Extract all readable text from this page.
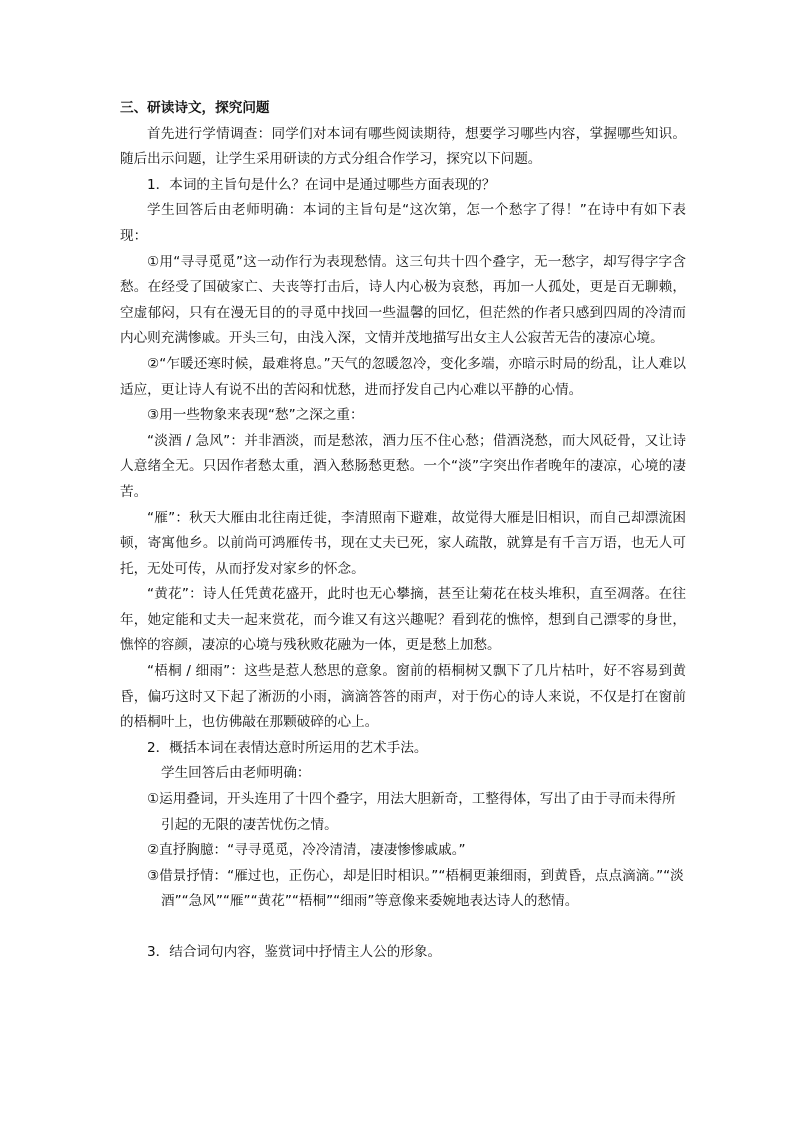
三、研读诗文，探究问题

首先进行学情调查：同学们对本词有哪些阅读期待，想要学习哪些内容，掌握哪些知识。随后出示问题，让学生采用研读的方式分组合作学习，探究以下问题。

1．本词的主旨句是什么？在词中是通过哪些方面表现的？

学生回答后由老师明确：本词的主旨句是“这次第，怎一个愁字了得！”在诗中有如下表现：

①用“寻寻觅觅”这一动作行为表现愁情。这三句共十四个叠字，无一愁字，却写得字字含愁。在经受了国破家亡、夫丧等打击后，诗人内心极为哀愁，再加一人孤处，更是百无聊赖，空虚郁闷，只有在漫无目的的寻觅中找回一些温馨的回忆，但茫然的作者只感到四周的冷清而内心则充满惨戚。开头三句，由浅入深，文情并茂地描写出女主人公寂苦无告的凄凉心境。

②“乍暖还寒时候，最难将息。”天气的忽暖忽冷，变化多端，亦暗示时局的纷乱，让人难以适应，更让诗人有说不出的苦闷和忧愁，进而抒发自己内心难以平静的心情。

③用一些物象来表现“愁”之深之重：

“淡酒 / 急风”：并非酒淡，而是愁浓，酒力压不住心愁；借酒浇愁，而大风砭骨，又让诗人意绪全无。只因作者愁太重，酒入愁肠愁更愁。一个“淡”字突出作者晚年的凄凉，心境的凄苦。

“雁”：秋天大雁由北往南迁徙，李清照南下避难，故觉得大雁是旧相识，而自己却漂流困顿，寄寓他乡。以前尚可鸿雁传书，现在丈夫已死，家人疏散，就算是有千言万语，也无人可托，无处可传，从而抒发对家乡的怀念。

“黄花”：诗人任凭黄花盛开，此时也无心攀摘，甚至让菊花在枝头堆积，直至凋落。在往年，她定能和丈夫一起来赏花，而今谁又有这兴趣呢？看到花的憔悴，想到自己漂零的身世，憔悴的容颜，凄凉的心境与残秋败花融为一体，更是愁上加愁。

“梧桐 / 细雨”：这些是惹人愁思的意象。窗前的梧桐树又飘下了几片枯叶，好不容易到黄昏，偏巧这时又下起了淅沥的小雨，滴滴答答的雨声，对于伤心的诗人来说，不仅是打在窗前的梧桐叶上，也仿佛敲在那颗破碎的心上。

2．概括本词在表情达意时所运用的艺术手法。

学生回答后由老师明确：

①运用叠词，开头连用了十四个叠字，用法大胆新奇，工整得体，写出了由于寻而未得所引起的无限的凄苦忧伤之情。

②直抒胸臆：“寻寻觅觅，冷冷清清，凄凄惨惨戚戚。”

③借景抒情：“雁过也，正伤心，却是旧时相识。”“梧桐更兼细雨，到黄昏，点点滴滴。”“淡酒”“急风”“雁”“黄花”“梧桐”“细雨”等意像来委婉地表达诗人的愁情。

3．结合词句内容，鉴赏词中抒情主人公的形象。
